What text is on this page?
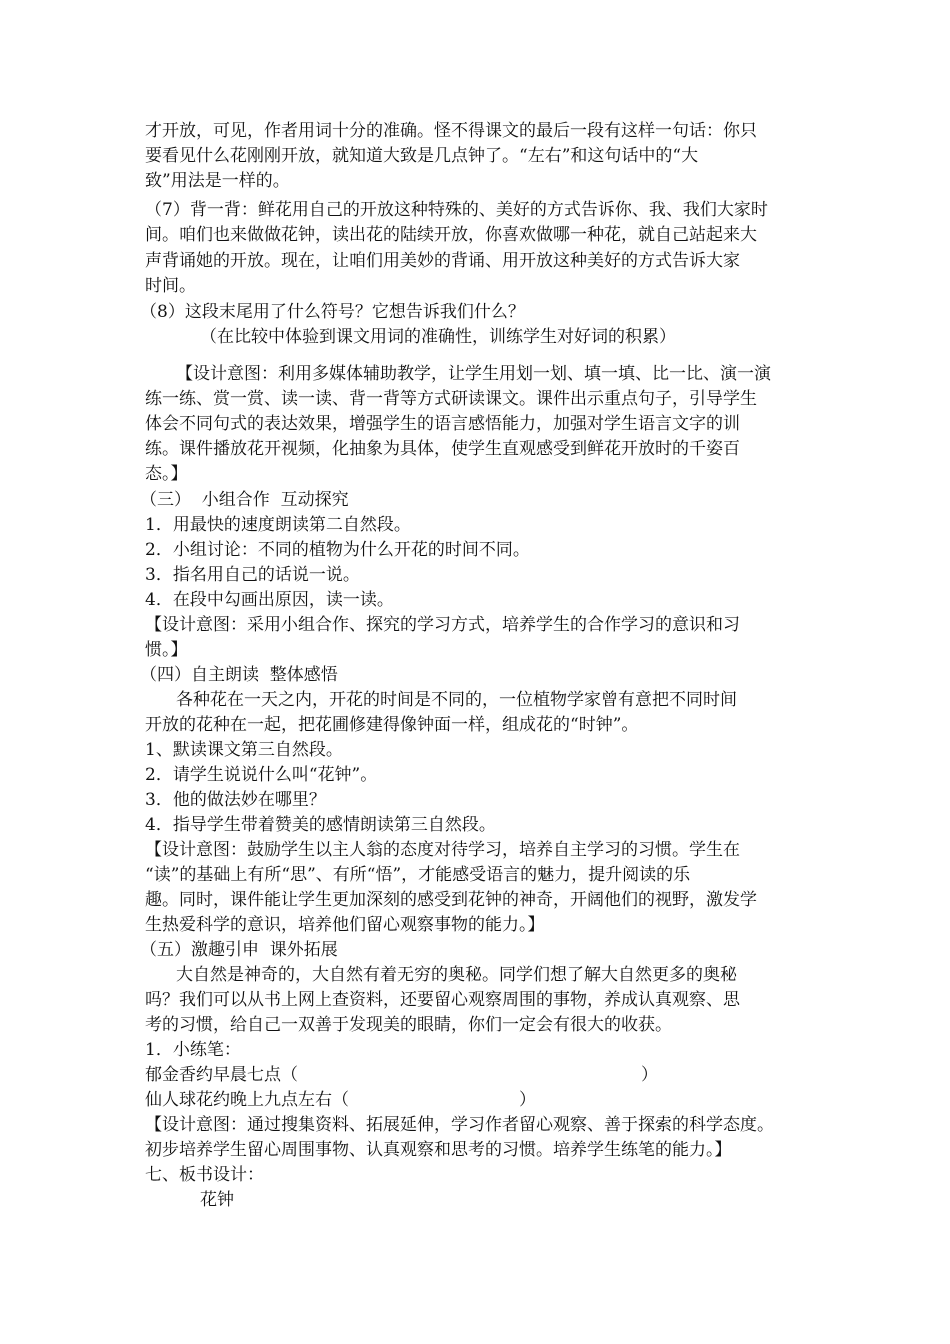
才开放，可见，作者用词十分的准确。怪不得课文的最后一段有这样一句话：你只
要看见什么花刚刚开放，就知道大致是几点钟了。“左右”和这句话中的“大
致”用法是一样的。
（7）背一背：鲜花用自己的开放这种特殊的、美好的方式告诉你、我、我们大家时
间。咱们也来做做花钟，读出花的陆续开放，你喜欢做哪一种花，就自己站起来大
声背诵她的开放。现在，让咱们用美妙的背诵、用开放这种美好的方式告诉大家
时间。
（8）这段末尾用了什么符号？它想告诉我们什么？
（在比较中体验到课文用词的准确性，训练学生对好词的积累）
【设计意图：利用多媒体辅助教学，让学生用划一划、填一填、比一比、演一演
练一练、赏一赏、读一读、背一背等方式研读课文。课件出示重点句子，引导学生
体会不同句式的表达效果，增强学生的语言感悟能力，加强对学生语言文字的训
练。课件播放花开视频，化抽象为具体，使学生直观感受到鲜花开放时的千姿百
态。】
（三）  小组合作  互动探究
1．用最快的速度朗读第二自然段。
2．小组讨论：不同的植物为什么开花的时间不同。
3．指名用自己的话说一说。
4．在段中勾画出原因，读一读。
【设计意图：采用小组合作、探究的学习方式，培养学生的合作学习的意识和习
惯。】
（四）自主朗读  整体感悟
各种花在一天之内，开花的时间是不同的，一位植物学家曾有意把不同时间
开放的花种在一起，把花圃修建得像钟面一样，组成花的“时钟”。
1、默读课文第三自然段。
2．请学生说说什么叫“花钟”。
3．他的做法妙在哪里？
4．指导学生带着赞美的感情朗读第三自然段。
【设计意图：鼓励学生以主人翁的态度对待学习，培养自主学习的习惯。学生在
“读”的基础上有所“思”、有所“悟”，才能感受语言的魅力，提升阅读的乐
趣。同时，课件能让学生更加深刻的感受到花钟的神奇，开阔他们的视野，激发学
生热爱科学的意识，培养他们留心观察事物的能力。】
（五）激趣引申  课外拓展
大自然是神奇的，大自然有着无穷的奥秘。同学们想了解大自然更多的奥秘
吗？我们可以从书上网上查资料，还要留心观察周围的事物，养成认真观察、思
考的习惯，给自己一双善于发现美的眼睛，你们一定会有很大的收获。
1．小练笔：
郁金香约早晨七点（	）
仙人球花约晚上九点左右（	）
【设计意图：通过搜集资料、拓展延伸，学习作者留心观察、善于探索的科学态度。
初步培养学生留心周围事物、认真观察和思考的习惯。培养学生练笔的能力。】
七、板书设计：
花钟
